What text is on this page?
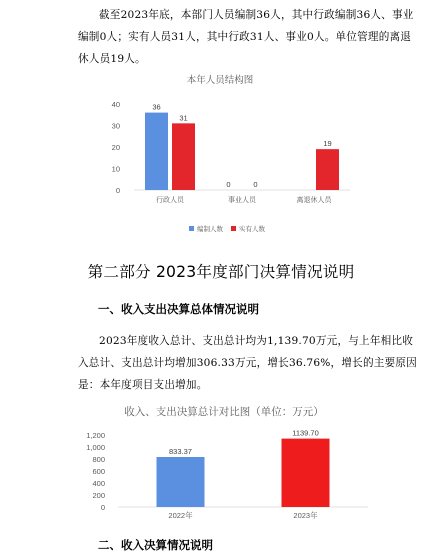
截至2023年底，本部门人员编制36人，其中行政编制36人、事业编制0人；实有人员31人，其中行政31人、事业0人。单位管理的离退休人员19人。

本年人员结构图
0
10
20
30
40
行政人员
36
31
事业人员
0	0
离退休人员
19
编制人数 实有人数
第二部分 2023年度部门决算情况说明
一、收入支出决算总体情况说明

2023年度收入总计、支出总计均为1,139.70万元，与上年相比收入总计、支出总计均增加306.33万元，增长36.76%，增长的主要原因是：本年度项目支出增加。

收入、支出决算总计对比图（单位：万元）
0
200
400
600
800
1,000
1,200
833.37
2022年
1139.70
2023年
二、收入决算情况说明
